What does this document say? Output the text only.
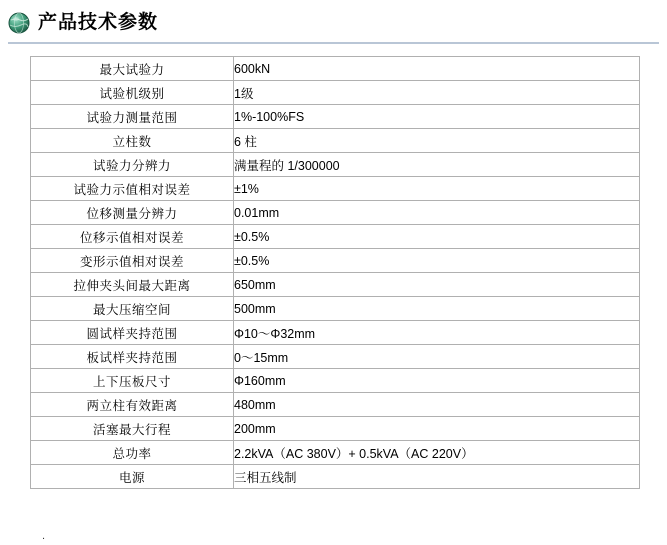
产品技术参数
最大试验力	600kN
试验机级别	1级
试验力测量范围	1%-100%FS
立柱数	6 柱
试验力分辨力	满量程的 1/300000
试验力示值相对误差	±1%
位移测量分辨力	0.01mm
位移示值相对误差	±0.5%
变形示值相对误差	±0.5%
拉伸夹头间最大距离	650mm
最大压缩空间	500mm
圆试样夹持范围	Φ10～Φ32mm
板试样夹持范围	0～15mm
上下压板尺寸	Φ160mm
两立柱有效距离	480mm
活塞最大行程	200mm
总功率	2.2kVA（AC 380V）+ 0.5kVA（AC 220V）
电源	三相五线制
.
